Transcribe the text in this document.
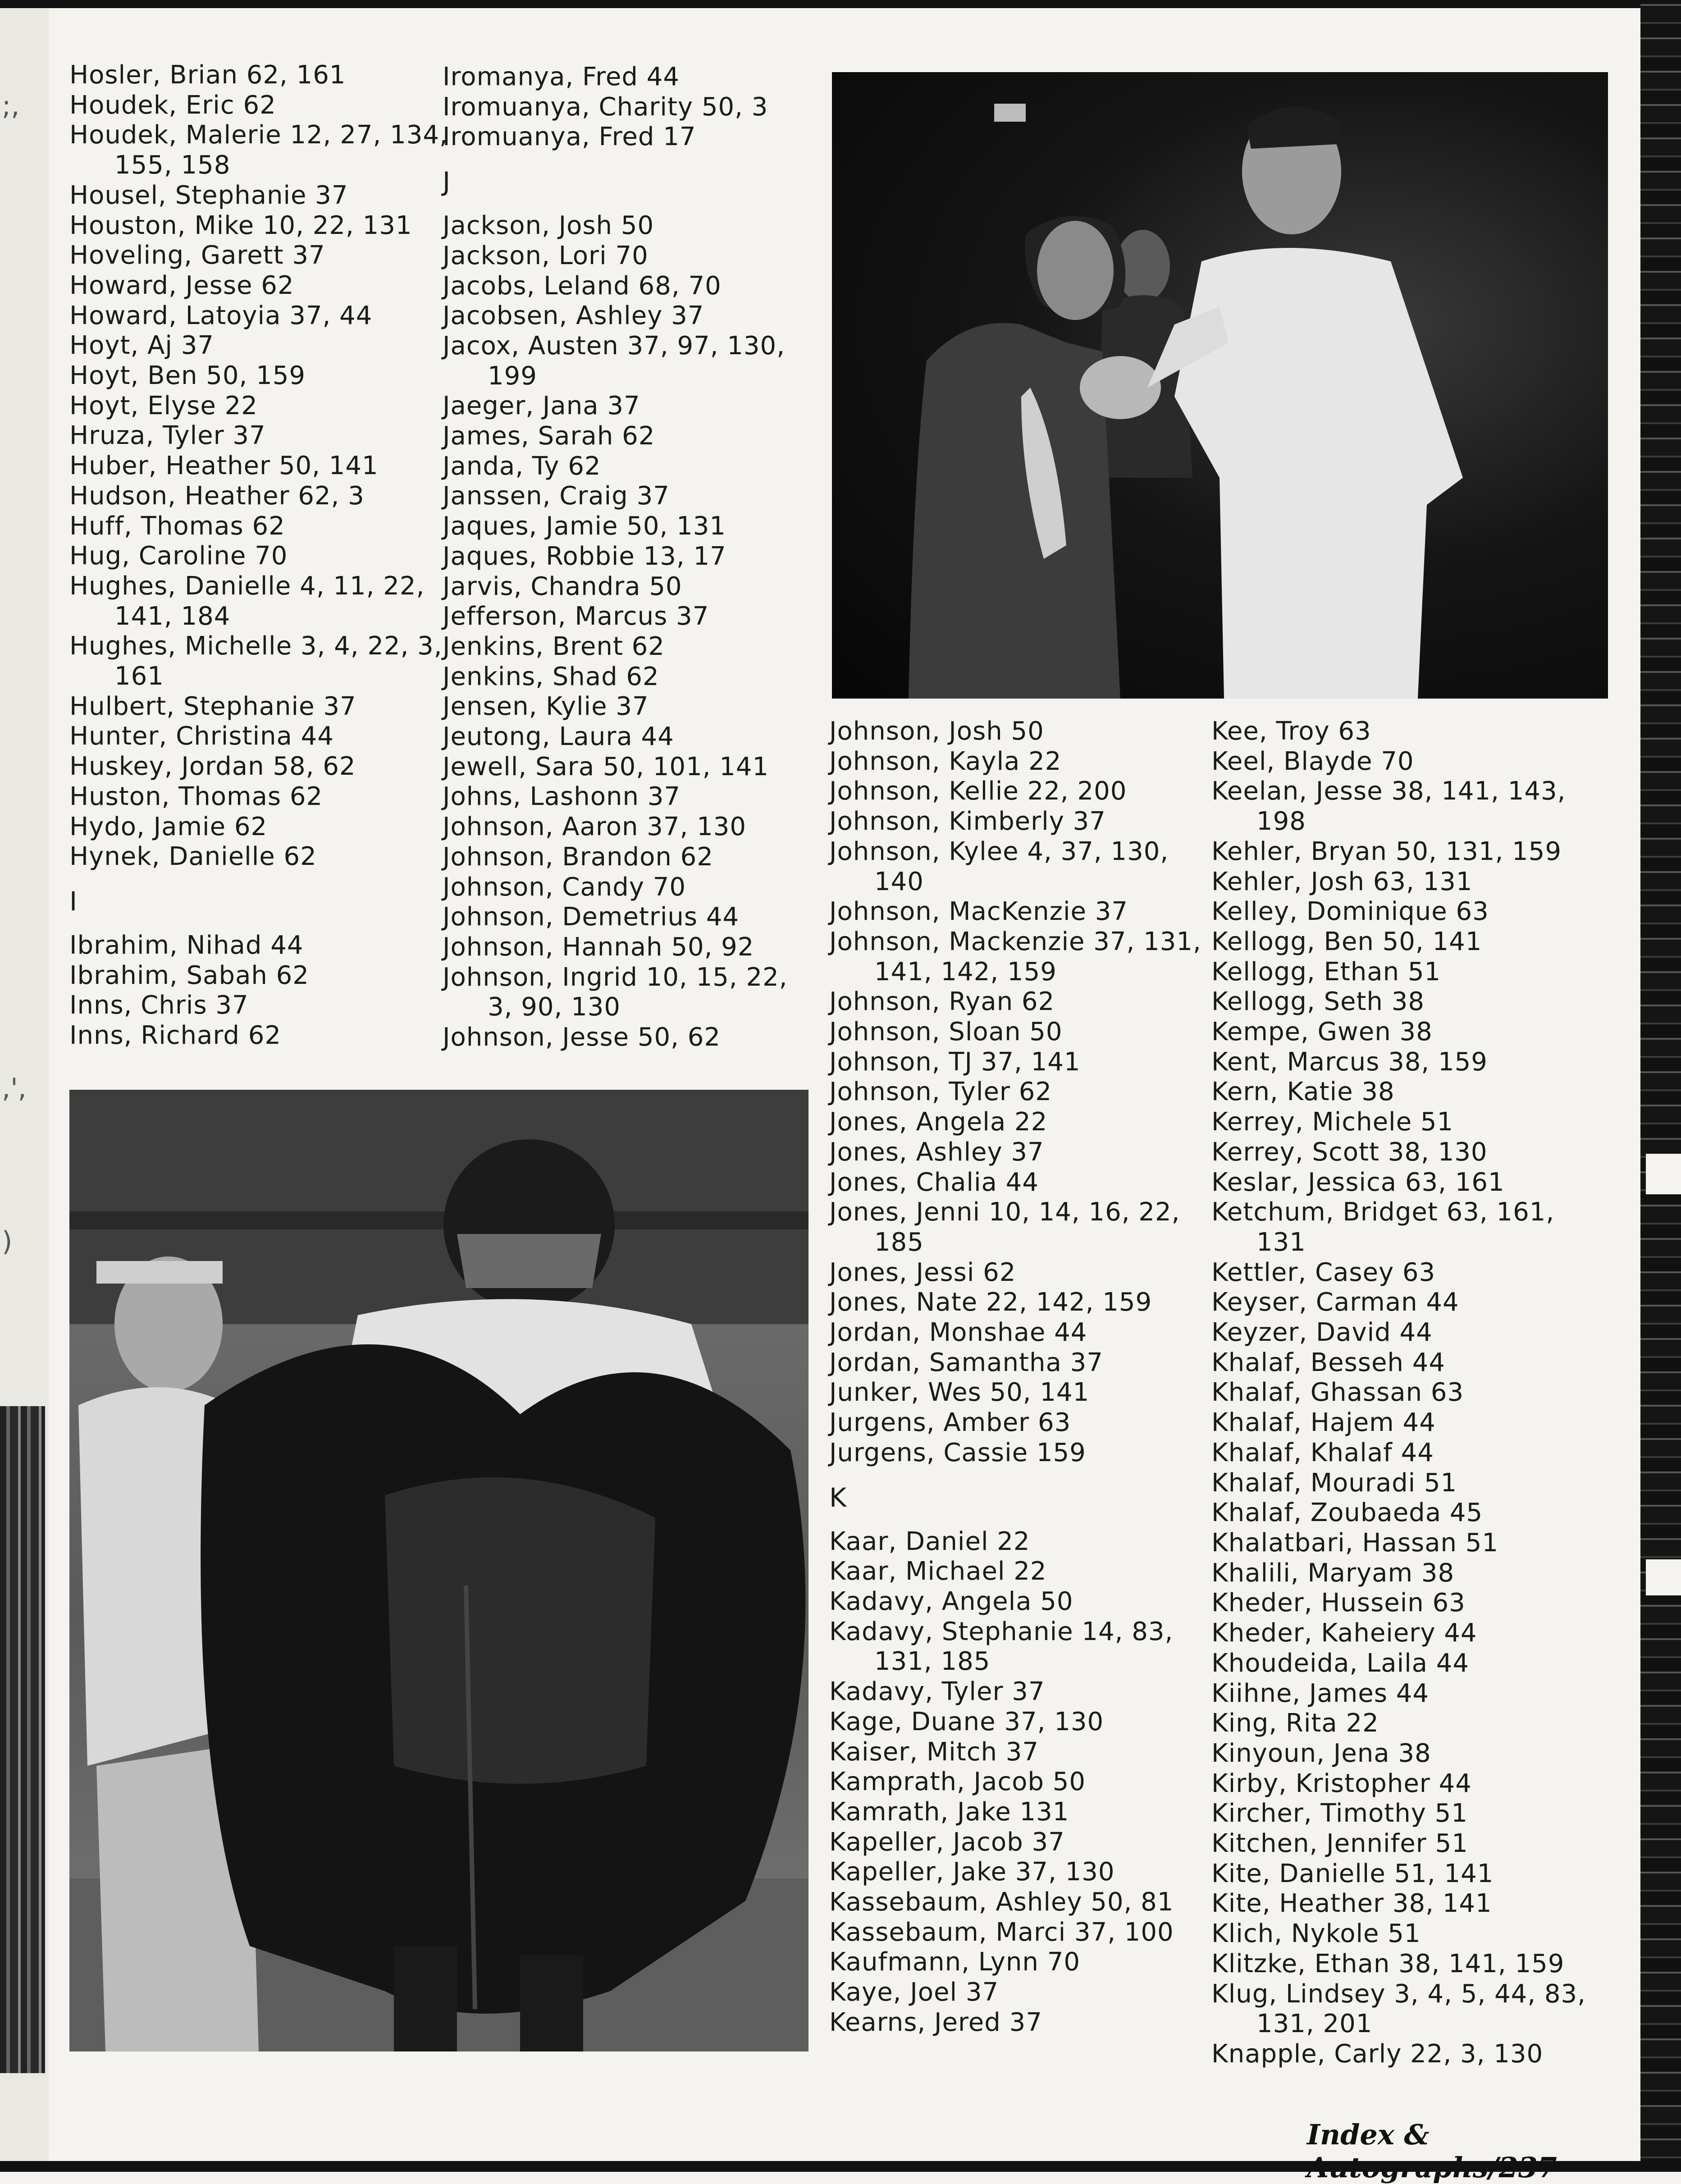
;,
,',
)
Hosler, Brian 62, 161
Houdek, Eric 62
Houdek, Malerie 12, 27, 134,
155, 158
Housel, Stephanie 37
Houston, Mike 10, 22, 131
Hoveling, Garett 37
Howard, Jesse 62
Howard, Latoyia 37, 44
Hoyt, Aj 37
Hoyt, Ben 50, 159
Hoyt, Elyse 22
Hruza, Tyler 37
Huber, Heather 50, 141
Hudson, Heather 62, 3
Huff, Thomas 62
Hug, Caroline 70
Hughes, Danielle 4, 11, 22,
141, 184
Hughes, Michelle 3, 4, 22, 3,
161
Hulbert, Stephanie 37
Hunter, Christina 44
Huskey, Jordan 58, 62
Huston, Thomas 62
Hydo, Jamie 62
Hynek, Danielle 62
I
Ibrahim, Nihad 44
Ibrahim, Sabah 62
Inns, Chris 37
Inns, Richard 62
Iromanya, Fred 44
Iromuanya, Charity 50, 3
Iromuanya, Fred 17
J
Jackson, Josh 50
Jackson, Lori 70
Jacobs, Leland 68, 70
Jacobsen, Ashley 37
Jacox, Austen 37, 97, 130,
199
Jaeger, Jana 37
James, Sarah 62
Janda, Ty 62
Janssen, Craig 37
Jaques, Jamie 50, 131
Jaques, Robbie 13, 17
Jarvis, Chandra 50
Jefferson, Marcus 37
Jenkins, Brent 62
Jenkins, Shad 62
Jensen, Kylie 37
Jeutong, Laura 44
Jewell, Sara 50, 101, 141
Johns, Lashonn 37
Johnson, Aaron 37, 130
Johnson, Brandon 62
Johnson, Candy 70
Johnson, Demetrius 44
Johnson, Hannah 50, 92
Johnson, Ingrid 10, 15, 22,
3, 90, 130
Johnson, Jesse 50, 62
Johnson, Josh 50
Johnson, Kayla 22
Johnson, Kellie 22, 200
Johnson, Kimberly 37
Johnson, Kylee 4, 37, 130,
140
Johnson, MacKenzie 37
Johnson, Mackenzie 37, 131,
141, 142, 159
Johnson, Ryan 62
Johnson, Sloan 50
Johnson, TJ 37, 141
Johnson, Tyler 62
Jones, Angela 22
Jones, Ashley 37
Jones, Chalia 44
Jones, Jenni 10, 14, 16, 22,
185
Jones, Jessi 62
Jones, Nate 22, 142, 159
Jordan, Monshae 44
Jordan, Samantha 37
Junker, Wes 50, 141
Jurgens, Amber 63
Jurgens, Cassie 159
K
Kaar, Daniel 22
Kaar, Michael 22
Kadavy, Angela 50
Kadavy, Stephanie 14, 83,
131, 185
Kadavy, Tyler 37
Kage, Duane 37, 130
Kaiser, Mitch 37
Kamprath, Jacob 50
Kamrath, Jake 131
Kapeller, Jacob 37
Kapeller, Jake 37, 130
Kassebaum, Ashley 50, 81
Kassebaum, Marci 37, 100
Kaufmann, Lynn 70
Kaye, Joel 37
Kearns, Jered 37
Kee, Troy 63
Keel, Blayde 70
Keelan, Jesse 38, 141, 143,
198
Kehler, Bryan 50, 131, 159
Kehler, Josh 63, 131
Kelley, Dominique 63
Kellogg, Ben 50, 141
Kellogg, Ethan 51
Kellogg, Seth 38
Kempe, Gwen 38
Kent, Marcus 38, 159
Kern, Katie 38
Kerrey, Michele 51
Kerrey, Scott 38, 130
Keslar, Jessica 63, 161
Ketchum, Bridget 63, 161,
131
Kettler, Casey 63
Keyser, Carman 44
Keyzer, David 44
Khalaf, Besseh 44
Khalaf, Ghassan 63
Khalaf, Hajem 44
Khalaf, Khalaf 44
Khalaf, Mouradi 51
Khalaf, Zoubaeda 45
Khalatbari, Hassan 51
Khalili, Maryam 38
Kheder, Hussein 63
Kheder, Kaheiery 44
Khoudeida, Laila 44
Kiihne, James 44
King, Rita 22
Kinyoun, Jena 38
Kirby, Kristopher 44
Kircher, Timothy 51
Kitchen, Jennifer 51
Kite, Danielle 51, 141
Kite, Heather 38, 141
Klich, Nykole 51
Klitzke, Ethan 38, 141, 159
Klug, Lindsey 3, 4, 5, 44, 83,
131, 201
Knapple, Carly 22, 3, 130
Index &
